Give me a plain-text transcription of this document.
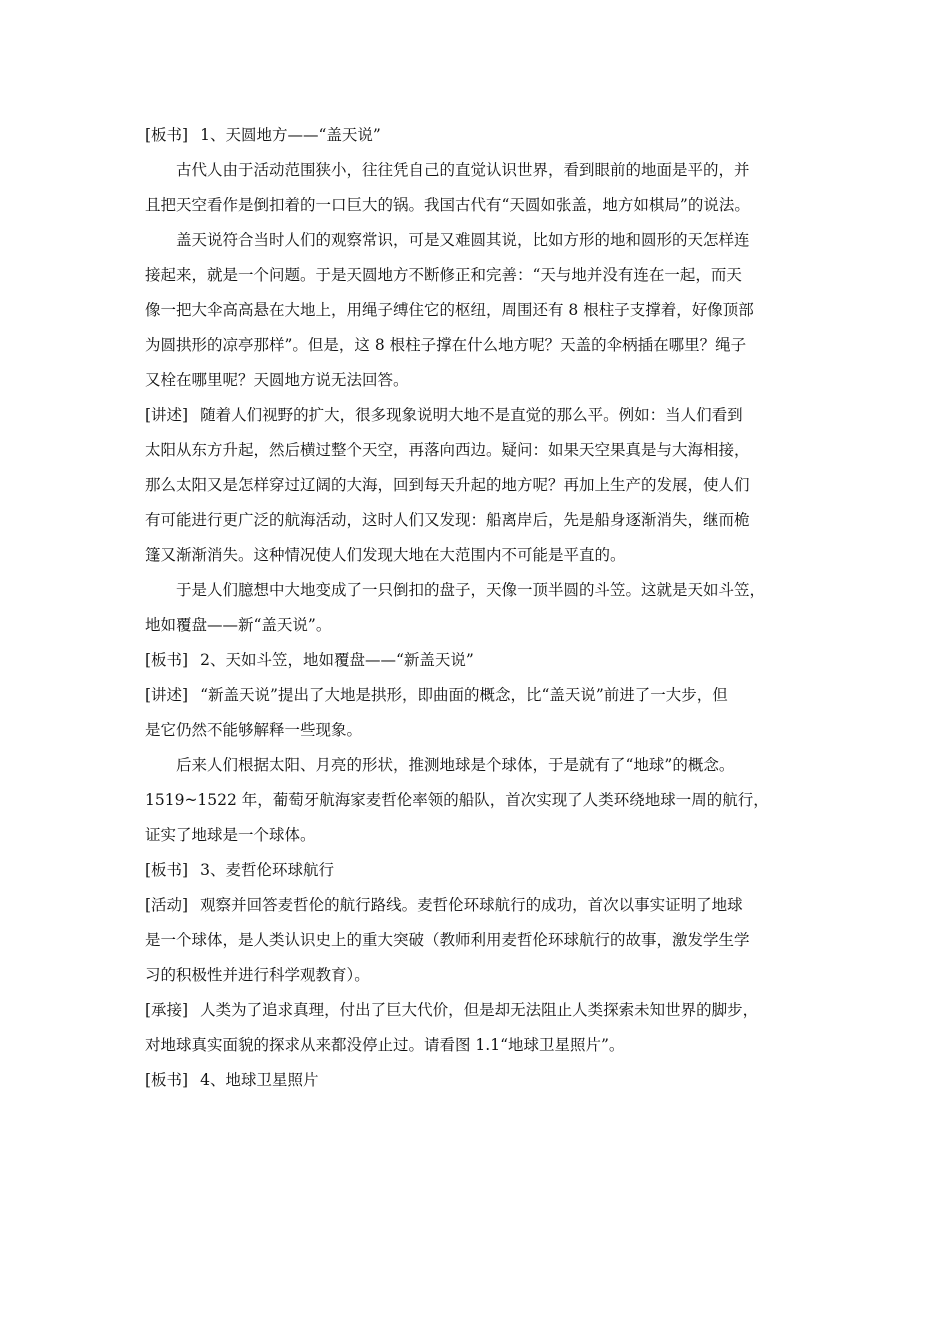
[板书] 1、天圆地方——“盖天说”
古代人由于活动范围狭小，往往凭自己的直觉认识世界，看到眼前的地面是平的，并
且把天空看作是倒扣着的一口巨大的锅。我国古代有“天圆如张盖，地方如棋局”的说法。
盖天说符合当时人们的观察常识，可是又难圆其说，比如方形的地和圆形的天怎样连
接起来，就是一个问题。于是天圆地方不断修正和完善：“天与地并没有连在一起，而天
像一把大伞高高悬在大地上，用绳子缚住它的枢纽，周围还有 8 根柱子支撑着，好像顶部
为圆拱形的凉亭那样”。但是，这 8 根柱子撑在什么地方呢？天盖的伞柄插在哪里？绳子
又栓在哪里呢？天圆地方说无法回答。
[讲述] 随着人们视野的扩大，很多现象说明大地不是直觉的那么平。例如：当人们看到
太阳从东方升起，然后横过整个天空，再落向西边。疑问：如果天空果真是与大海相接，
那么太阳又是怎样穿过辽阔的大海，回到每天升起的地方呢？再加上生产的发展，使人们
有可能进行更广泛的航海活动，这时人们又发现：船离岸后，先是船身逐渐消失，继而桅
篷又渐渐消失。这种情况使人们发现大地在大范围内不可能是平直的。
于是人们臆想中大地变成了一只倒扣的盘子，天像一顶半圆的斗笠。这就是天如斗笠，
地如覆盘——新“盖天说”。
[板书] 2、天如斗笠，地如覆盘——“新盖天说”
[讲述] “新盖天说”提出了大地是拱形，即曲面的概念，比“盖天说”前进了一大步，但
是它仍然不能够解释一些现象。
后来人们根据太阳、月亮的形状，推测地球是个球体，于是就有了“地球”的概念。
1519~1522 年，葡萄牙航海家麦哲伦率领的船队，首次实现了人类环绕地球一周的航行，
证实了地球是一个球体。
[板书] 3、麦哲伦环球航行
[活动] 观察并回答麦哲伦的航行路线。麦哲伦环球航行的成功，首次以事实证明了地球
是一个球体，是人类认识史上的重大突破（教师利用麦哲伦环球航行的故事，激发学生学
习的积极性并进行科学观教育）。
[承接] 人类为了追求真理，付出了巨大代价，但是却无法阻止人类探索未知世界的脚步，
对地球真实面貌的探求从来都没停止过。请看图 1.1“地球卫星照片”。
[板书] 4、地球卫星照片
